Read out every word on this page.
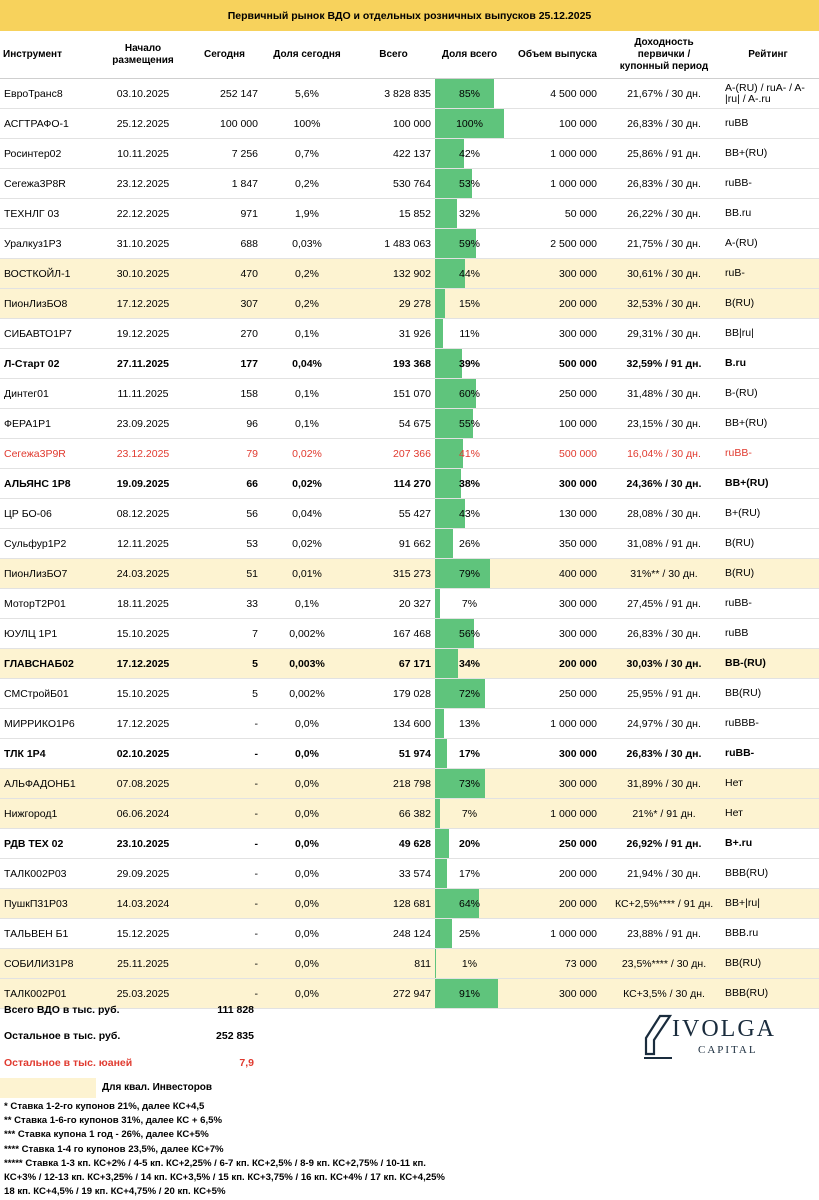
Первичный рынок ВДО и отдельных розничных выпусков 25.12.2025
Инструмент	Начало размещения	Сегодня	Доля сегодня	Всего	Доля всего	Объем выпуска	Доходность первички / купонный период	Рейтинг
ЕвроТранс8	03.10.2025	252 147	5,6%	3 828 835	85%	4 500 000	21,67% / 30 дн.	A-(RU) / ruA- / A-|ru| / A-.ru
АСГТРАФО-1	25.12.2025	100 000	100%	100 000	100%	100 000	26,83% / 30 дн.	ruBB
Росинтер02	10.11.2025	7 256	0,7%	422 137	42%	1 000 000	25,86% / 91 дн.	BB+(RU)
Сегежа3P8R	23.12.2025	1 847	0,2%	530 764	53%	1 000 000	26,83% / 30 дн.	ruBB-
ТЕХНЛГ 03	22.12.2025	971	1,9%	15 852	32%	50 000	26,22% / 30 дн.	BB.ru
Уралкуз1Р3	31.10.2025	688	0,03%	1 483 063	59%	2 500 000	21,75% / 30 дн.	A-(RU)
ВОСТКОЙЛ-1	30.10.2025	470	0,2%	132 902	44%	300 000	30,61% / 30 дн.	ruB-
ПионЛизБО8	17.12.2025	307	0,2%	29 278	15%	200 000	32,53% / 30 дн.	B(RU)
СИБАВТО1Р7	19.12.2025	270	0,1%	31 926	11%	300 000	29,31% / 30 дн.	BB|ru|
Л-Старт 02	27.11.2025	177	0,04%	193 368	39%	500 000	32,59% / 91 дн.	B.ru
Динтег01	11.11.2025	158	0,1%	151 070	60%	250 000	31,48% / 30 дн.	B-(RU)
ФЕРА1Р1	23.09.2025	96	0,1%	54 675	55%	100 000	23,15% / 30 дн.	BB+(RU)
Сегежа3P9R	23.12.2025	79	0,02%	207 366	41%	500 000	16,04% / 30 дн.	ruBB-
АЛЬЯНС 1Р8	19.09.2025	66	0,02%	114 270	38%	300 000	24,36% / 30 дн.	BB+(RU)
ЦР БО-06	08.12.2025	56	0,04%	55 427	43%	130 000	28,08% / 30 дн.	B+(RU)
Сульфур1Р2	12.11.2025	53	0,02%	91 662	26%	350 000	31,08% / 91 дн.	B(RU)
ПионЛизБО7	24.03.2025	51	0,01%	315 273	79%	400 000	31%** / 30 дн.	B(RU)
МоторТ2Р01	18.11.2025	33	0,1%	20 327	7%	300 000	27,45% / 91 дн.	ruBB-
ЮУЛЦ 1Р1	15.10.2025	7	0,002%	167 468	56%	300 000	26,83% / 30 дн.	ruBB
ГЛАВСНАБ02	17.12.2025	5	0,003%	67 171	34%	200 000	30,03% / 30 дн.	BB-(RU)
СМСтройБ01	15.10.2025	5	0,002%	179 028	72%	250 000	25,95% / 91 дн.	BB(RU)
МИРРИКО1Р6	17.12.2025	-	0,0%	134 600	13%	1 000 000	24,97% / 30 дн.	ruBBB-
ТЛК 1Р4	02.10.2025	-	0,0%	51 974	17%	300 000	26,83% / 30 дн.	ruBB-
АЛЬФАДОНБ1	07.08.2025	-	0,0%	218 798	73%	300 000	31,89% / 30 дн.	Нет
Нижгород1	06.06.2024	-	0,0%	66 382	7%	1 000 000	21%* / 91 дн.	Нет
РДВ ТЕХ 02	23.10.2025	-	0,0%	49 628	20%	250 000	26,92% / 91 дн.	B+.ru
ТАЛК002Р03	29.09.2025	-	0,0%	33 574	17%	200 000	21,94% / 30 дн.	BBB(RU)
ПушкП31Р03	14.03.2024	-	0,0%	128 681	64%	200 000	КС+2,5%**** / 91 дн.	BB+|ru|
ТАЛЬВЕН Б1	15.12.2025	-	0,0%	248 124	25%	1 000 000	23,88% / 91 дн.	BBB.ru
СОБИЛИЗ1Р8	25.11.2025	-	0,0%	811	1%	73 000	23,5%**** / 30 дн.	BB(RU)
ТАЛК002Р01	25.03.2025	-	0,0%	272 947	91%	300 000	КС+3,5% / 30 дн.	BBB(RU)
Всего ВДО в тыс. руб.	111 828
Остальное в тыс. руб.	252 835
Остальное в тыс. юаней	7,9
Для квал. Инвесторов
* Ставка 1-2-го купонов 21%, далее КС+4,5
** Ставка 1-6-го купонов 31%, далее КС + 6,5%
*** Ставка купона 1 год - 26%, далее КС+5%
**** Ставка 1-4 го купонов 23,5%, далее КС+7%
***** Ставка 1-3 кп. КС+2% / 4-5 кп. КС+2,25% / 6-7 кп. КС+2,5% / 8-9 кп. КС+2,75% / 10-11 кп.
КС+3% / 12-13 кп. КС+3,25% / 14 кп. КС+3,5% / 15 кп. КС+3,75% / 16 кп. КС+4% / 17 кп. КС+4,25%
18 кп. КС+4,5% / 19 кп. КС+4,75% / 20 кп. КС+5%
IVOLGA
CAPITAL
